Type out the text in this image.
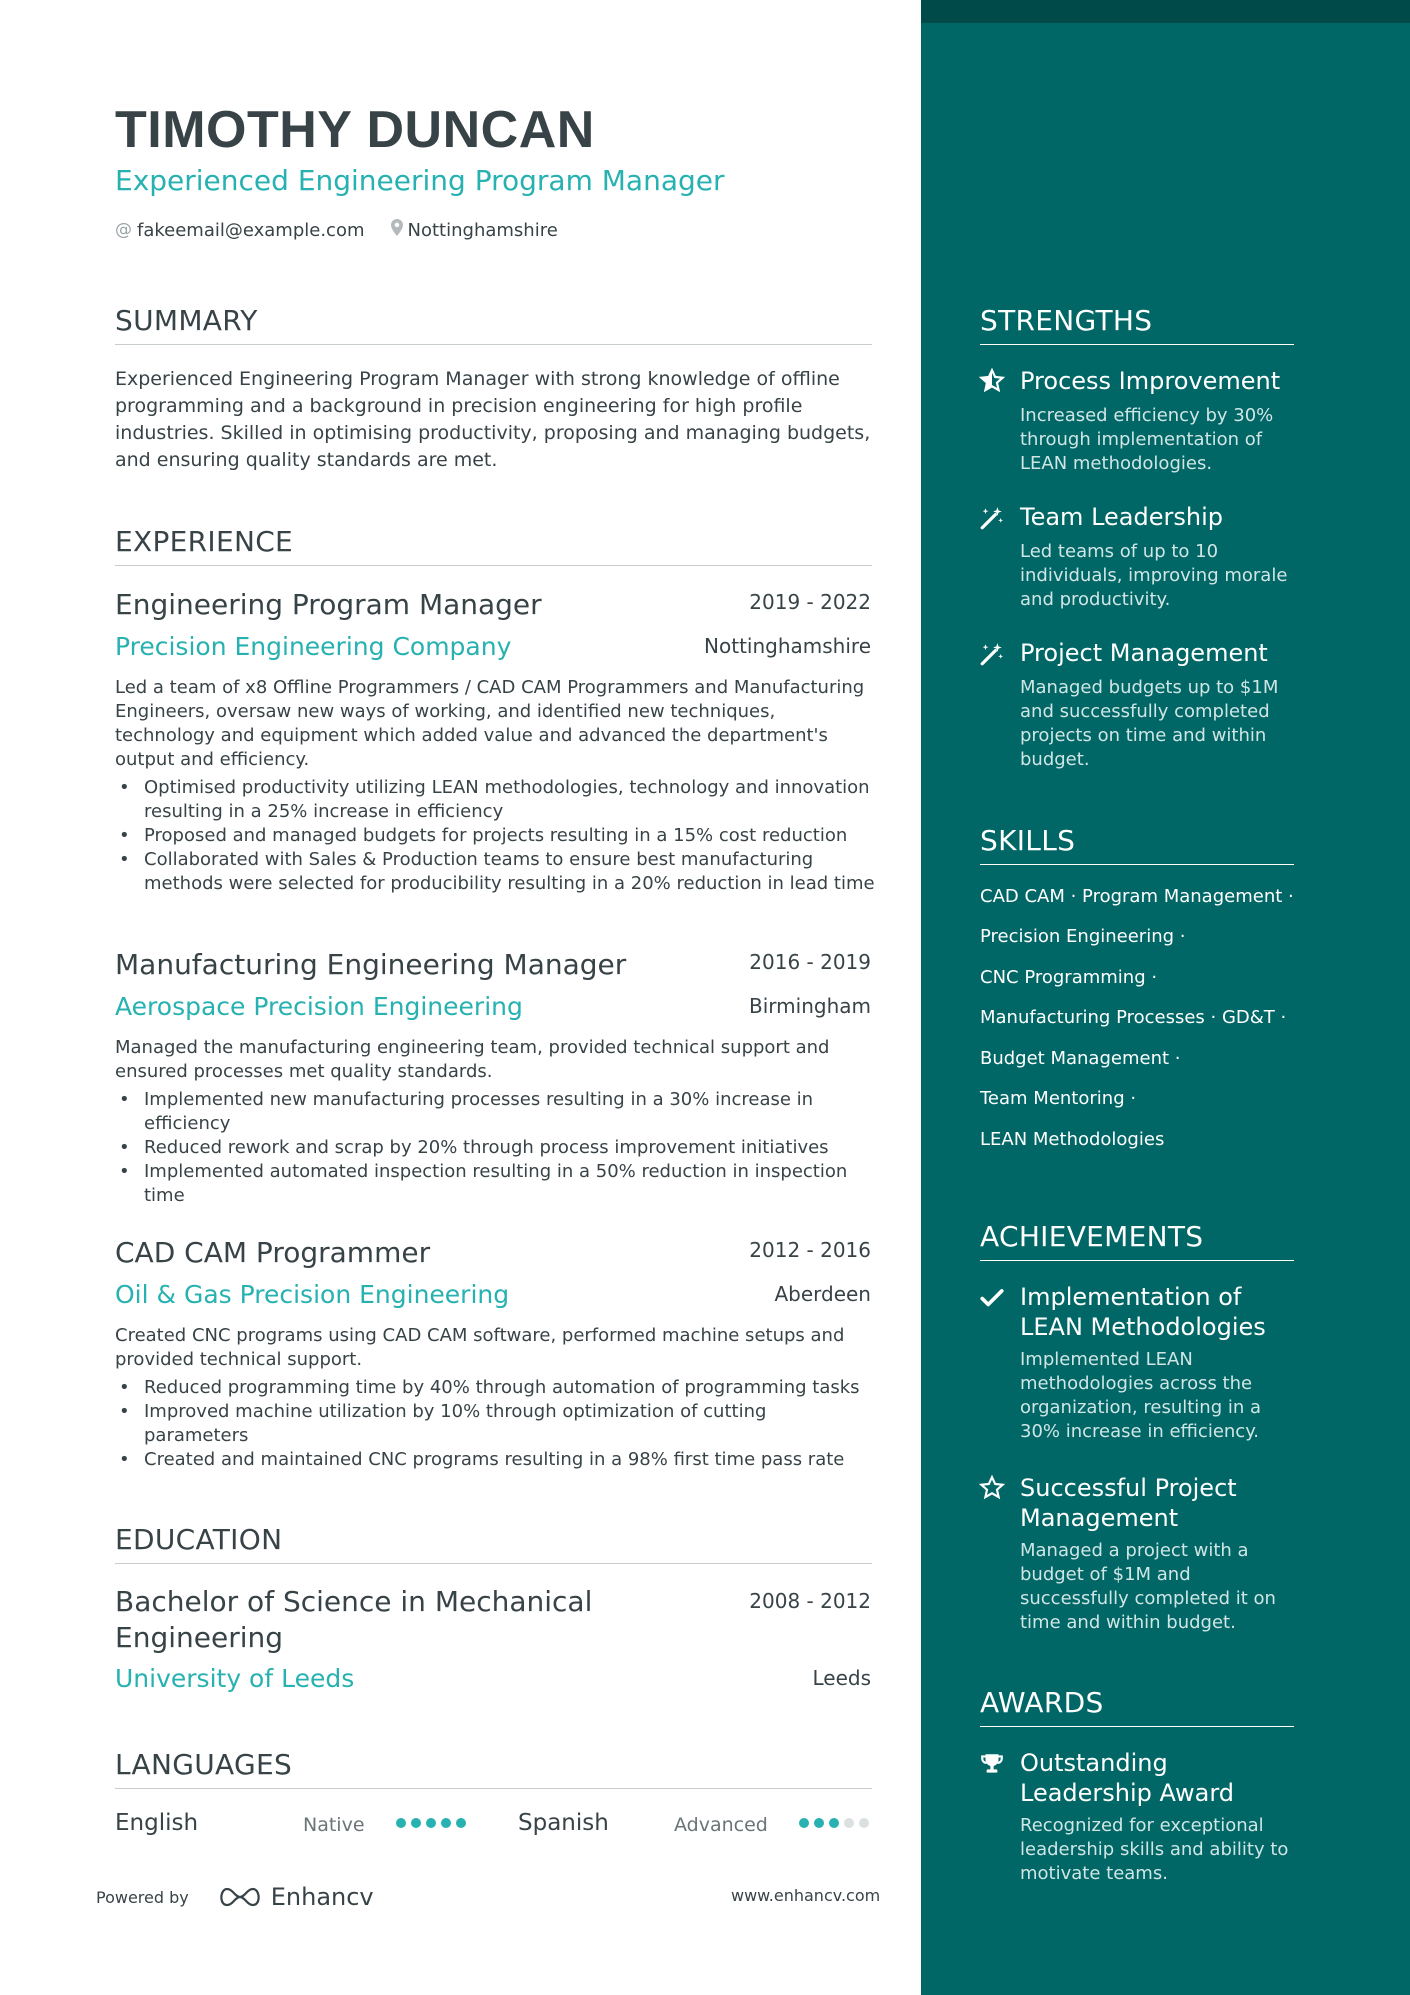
TIMOTHY DUNCAN
Experienced Engineering Program Manager
@ fakeemail@example.com Nottinghamshire
SUMMARY
Experienced Engineering Program Manager with strong knowledge of offline programming and a background in precision engineering for high profile industries. Skilled in optimising productivity, proposing and managing budgets, and ensuring quality standards are met.
EXPERIENCE
Engineering Program Manager	2019 - 2022
Precision Engineering Company	Nottinghamshire
Led a team of x8 Offline Programmers / CAD CAM Programmers and Manufacturing Engineers, oversaw new ways of working, and identified new techniques, technology and equipment which added value and advanced the department's output and efficiency.
• Optimised productivity utilizing LEAN methodologies, technology and innovation resulting in a 25% increase in efficiency
• Proposed and managed budgets for projects resulting in a 15% cost reduction
• Collaborated with Sales & Production teams to ensure best manufacturing methods were selected for producibility resulting in a 20% reduction in lead time
Manufacturing Engineering Manager	2016 - 2019
Aerospace Precision Engineering	Birmingham
Managed the manufacturing engineering team, provided technical support and ensured processes met quality standards.
• Implemented new manufacturing processes resulting in a 30% increase in efficiency
• Reduced rework and scrap by 20% through process improvement initiatives
• Implemented automated inspection resulting in a 50% reduction in inspection time
CAD CAM Programmer	2012 - 2016
Oil & Gas Precision Engineering	Aberdeen
Created CNC programs using CAD CAM software, performed machine setups and provided technical support.
• Reduced programming time by 40% through automation of programming tasks
• Improved machine utilization by 10% through optimization of cutting parameters
• Created and maintained CNC programs resulting in a 98% first time pass rate
EDUCATION
Bachelor of Science in Mechanical Engineering
2008 - 2012
University of Leeds	Leeds
LANGUAGES
English	Native	Spanish	Advanced
Powered by	Enhancv	www.enhancv.com
STRENGTHS
Process Improvement
Increased efficiency by 30% through implementation of LEAN methodologies.
Team Leadership
Led teams of up to 10 individuals, improving morale and productivity.
Project Management
Managed budgets up to $1M and successfully completed projects on time and within budget.
SKILLS
CAD CAM · Program Management ·
Precision Engineering ·
CNC Programming ·
Manufacturing Processes · GD&T ·
Budget Management ·
Team Mentoring ·
LEAN Methodologies
ACHIEVEMENTS
Implementation of LEAN Methodologies
Implemented LEAN methodologies across the organization, resulting in a 30% increase in efficiency.
Successful Project Management
Managed a project with a budget of $1M and successfully completed it on time and within budget.
AWARDS
Outstanding Leadership Award
Recognized for exceptional leadership skills and ability to motivate teams.
